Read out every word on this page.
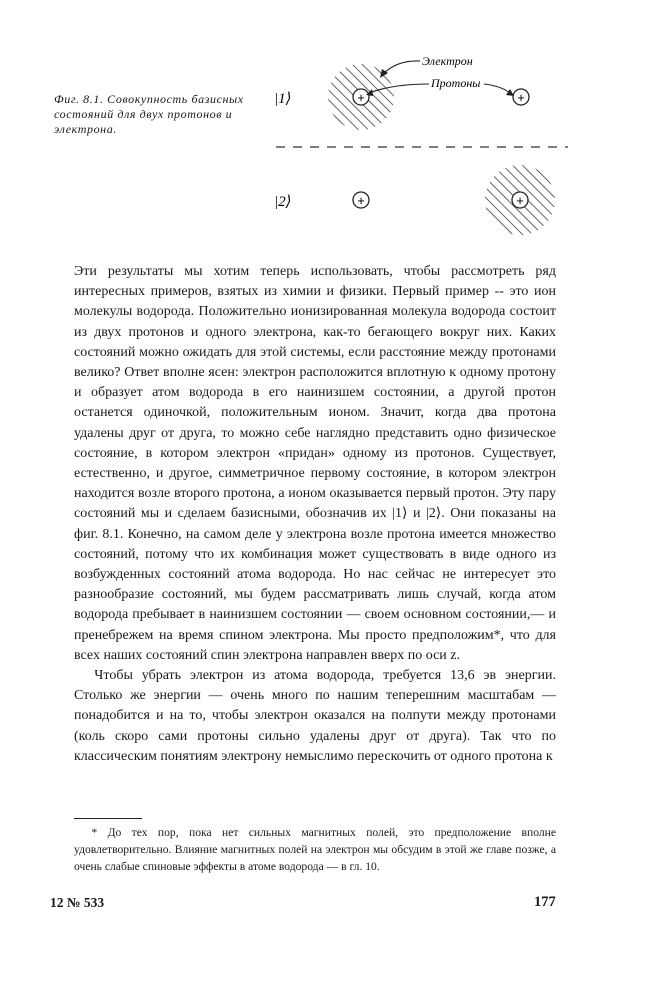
Фиг. 8.1. Совокупность базисных состояний для двух протонов и электрона.
+	+
Электрон
Протоны
|1⟩
|2⟩	+	+

Эти результаты мы хотим теперь использовать, чтобы рассмотреть ряд интересных примеров, взятых из химии и физики. Первый пример -- это ион молекулы водорода. Положительно ионизированная молекула водорода состоит из двух протонов и одного электрона, как-то бегающего вокруг них. Каких состояний можно ожидать для этой системы, если расстояние между протонами велико? Ответ вполне ясен: электрон расположится вплотную к одному протону и образует атом водорода в его наинизшем состоянии, а другой протон останется одиночкой, положительным ионом. Значит, когда два протона удалены друг от друга, то можно себе наглядно представить одно физическое состояние, в котором электрон «придан» одному из протонов. Существует, естественно, и другое, симметричное первому состояние, в котором электрон находится возле второго протона, а ионом оказывается первый протон. Эту пару состояний мы и сделаем базисными, обозначив их |1⟩ и |2⟩. Они показаны на фиг. 8.1. Конечно, на самом деле у электрона возле протона имеется множество состояний, потому что их комбинация может существовать в виде одного из возбужденных состояний атома водорода. Но нас сейчас не интересует это разнообразие состояний, мы будем рассматривать лишь случай, когда атом водорода пребывает в наинизшем состоянии — своем основном состоянии,— и пренебрежем на время спином электрона. Мы просто предположим*, что для всех наших состояний спин электрона направлен вверх по оси z.

Чтобы убрать электрон из атома водорода, требуется 13,6 эв энергии. Столько же энергии — очень много по нашим теперешним масштабам — понадобится и на то, чтобы электрон оказался на полпути между протонами (коль скоро сами протоны сильно удалены друг от друга). Так что по классическим понятиям электрону немыслимо перескочить от одного протона к

* До тех пор, пока нет сильных магнитных полей, это предположение вполне удовлетворительно. Влияние магнитных полей на электрон мы обсудим в этой же главе позже, а очень слабые спиновые эффекты в атоме водорода — в гл. 10.

12 № 533	177
